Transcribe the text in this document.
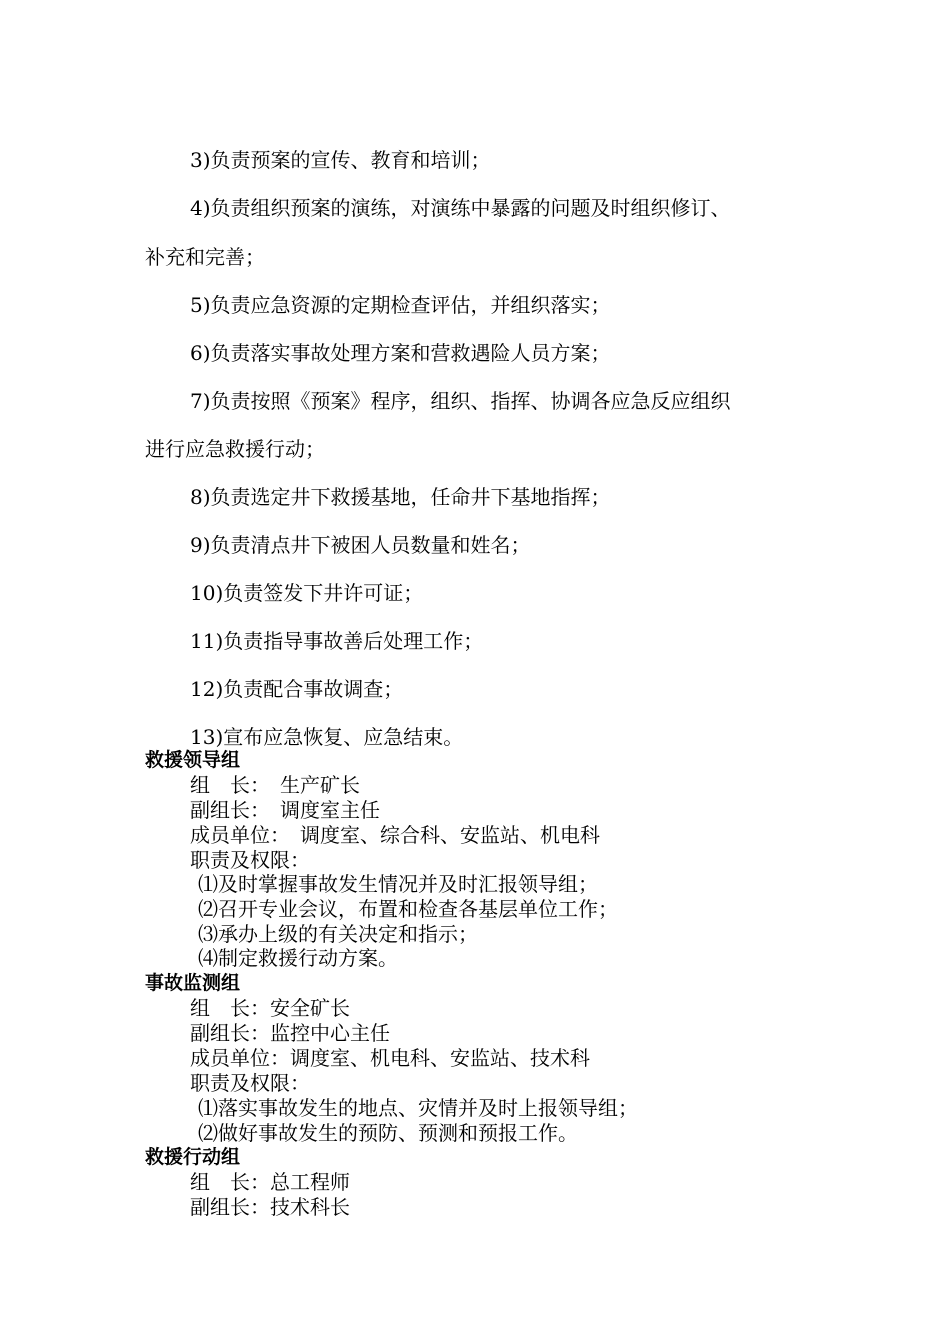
3)负责预案的宣传、教育和培训；
4)负责组织预案的演练，对演练中暴露的问题及时组织修订、
补充和完善；
5)负责应急资源的定期检查评估，并组织落实；
6)负责落实事故处理方案和营救遇险人员方案；
7)负责按照《预案》程序，组织、指挥、协调各应急反应组织
进行应急救援行动；
8)负责选定井下救援基地，任命井下基地指挥；
9)负责清点井下被困人员数量和姓名；
10)负责签发下井许可证；
11)负责指导事故善后处理工作；
12)负责配合事故调查；
13)宣布应急恢复、应急结束。
救援领导组
组　长：　生产矿长
副组长：　调度室主任
成员单位：　调度室、综合科、安监站、机电科
职责及权限：
⑴及时掌握事故发生情况并及时汇报领导组；
⑵召开专业会议，布置和检查各基层单位工作；
⑶承办上级的有关决定和指示；
⑷制定救援行动方案。
事故监测组
组　长：安全矿长
副组长：监控中心主任
成员单位：调度室、机电科、安监站、技术科
职责及权限：
⑴落实事故发生的地点、灾情并及时上报领导组；
⑵做好事故发生的预防、预测和预报工作。
救援行动组
组　长：总工程师
副组长：技术科长
